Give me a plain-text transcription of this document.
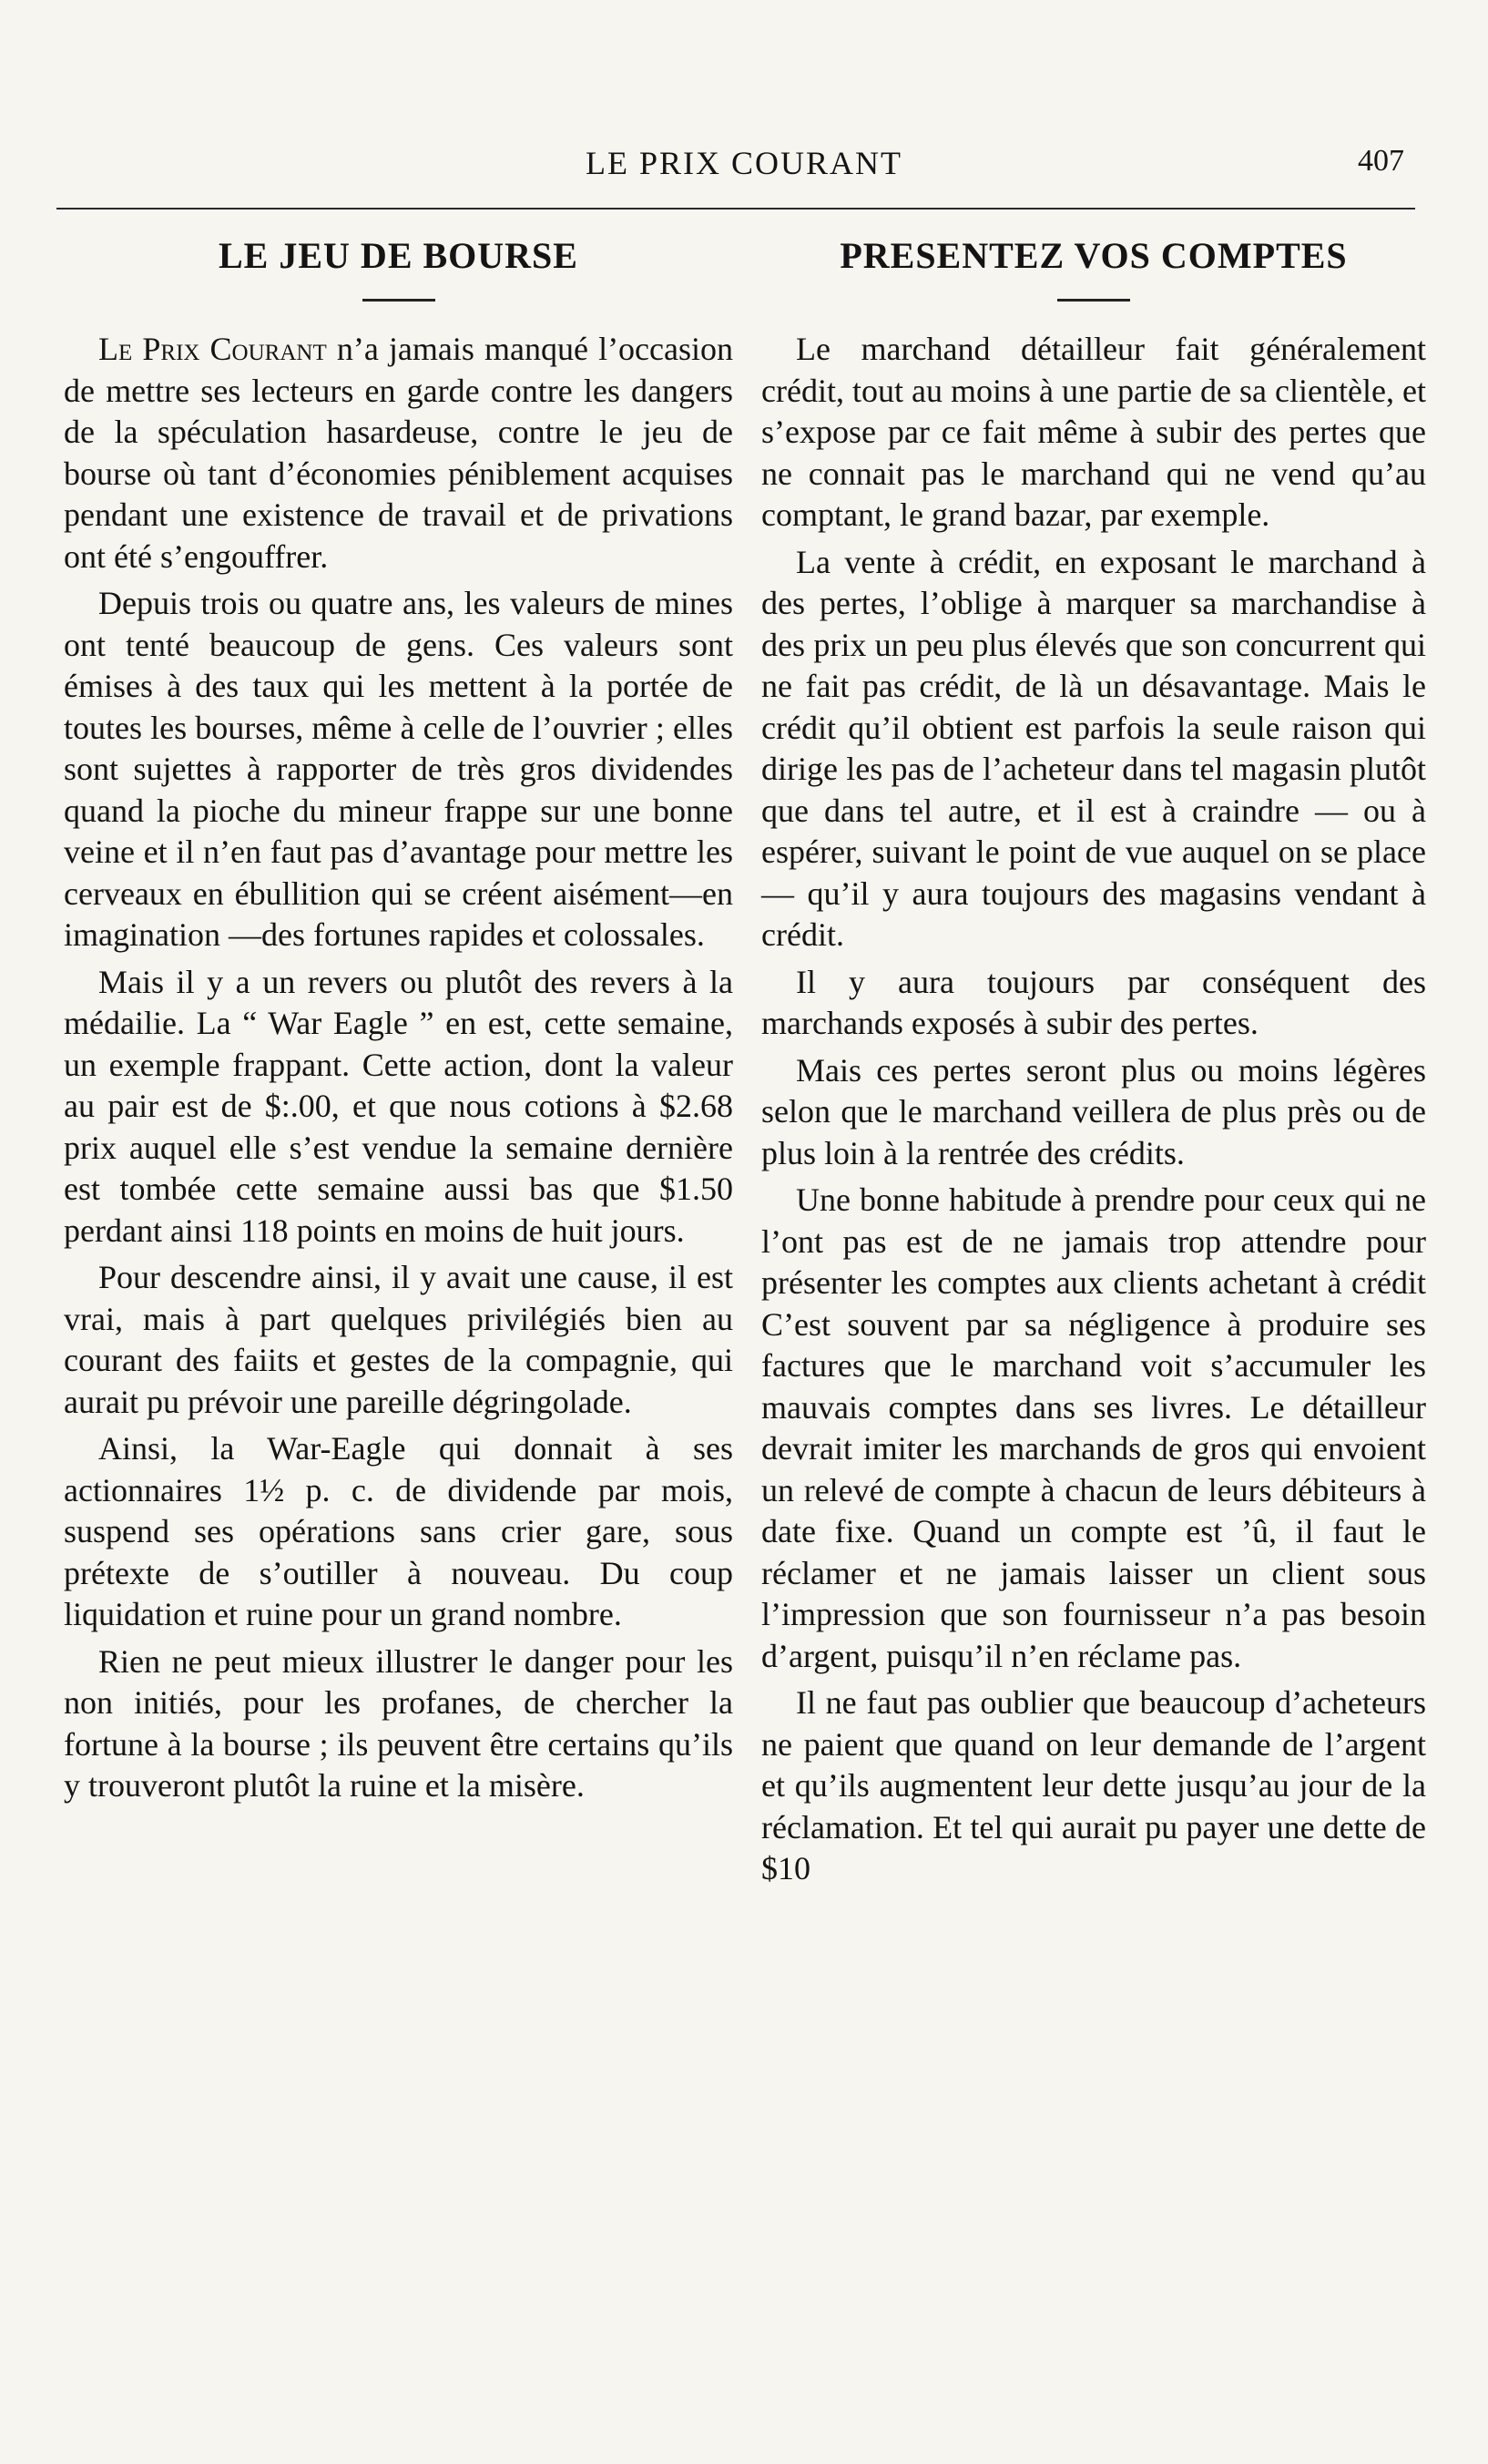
LE PRIX COURANT	407
LE JEU DE BOURSE

Le Prix Courant n’a jamais manqué l’occasion de mettre ses lecteurs en garde contre les dangers de la spéculation hasardeuse, contre le jeu de bourse où tant d’économies péniblement acquises pendant une existence de travail et de privations ont été s’engouffrer.

Depuis trois ou quatre ans, les valeurs de mines ont tenté beaucoup de gens. Ces valeurs sont émises à des taux qui les mettent à la portée de toutes les bourses, même à celle de l’ouvrier ; elles sont sujettes à rapporter de très gros dividendes quand la pioche du mineur frappe sur une bonne veine et il n’en faut pas d’avantage pour mettre les cerveaux en ébullition qui se créent aisément—en imagination —des fortunes rapides et colossales.

Mais il y a un revers ou plutôt des revers à la médailie. La “ War Eagle ” en est, cette semaine, un exemple frappant. Cette action, dont la valeur au pair est de $:.00, et que nous cotions à $2.68 prix auquel elle s’est vendue la semaine dernière est tombée cette semaine aussi bas que $1.50 perdant ainsi 118 points en moins de huit jours.

Pour descendre ainsi, il y avait une cause, il est vrai, mais à part quelques privilégiés bien au courant des faiits et gestes de la compagnie, qui aurait pu prévoir une pareille dégringolade.

Ainsi, la War-Eagle qui donnait à ses actionnaires 1½ p. c. de dividende par mois, suspend ses opérations sans crier gare, sous prétexte de s’outiller à nouveau. Du coup liquidation et ruine pour un grand nombre.

Rien ne peut mieux illustrer le danger pour les non initiés, pour les profanes, de chercher la fortune à la bourse ; ils peuvent être certains qu’ils y trouveront plutôt la ruine et la misère.

PRESENTEZ VOS COMPTES

Le marchand détailleur fait généralement crédit, tout au moins à une partie de sa clientèle, et s’expose par ce fait même à subir des pertes que ne connait pas le marchand qui ne vend qu’au comptant, le grand bazar, par exemple.

La vente à crédit, en exposant le marchand à des pertes, l’oblige à marquer sa marchandise à des prix un peu plus élevés que son concurrent qui ne fait pas crédit, de là un désavantage. Mais le crédit qu’il obtient est parfois la seule raison qui dirige les pas de l’acheteur dans tel magasin plutôt que dans tel autre, et il est à craindre — ou à espérer, suivant le point de vue auquel on se place — qu’il y aura toujours des magasins vendant à crédit.

Il y aura toujours par conséquent des marchands exposés à subir des pertes.

Mais ces pertes seront plus ou moins légères selon que le marchand veillera de plus près ou de plus loin à la rentrée des crédits.

Une bonne habitude à prendre pour ceux qui ne l’ont pas est de ne jamais trop attendre pour présenter les comptes aux clients achetant à crédit C’est souvent par sa négligence à produire ses factures que le marchand voit s’accumuler les mauvais comptes dans ses livres. Le détailleur devrait imiter les marchands de gros qui envoient un relevé de compte à chacun de leurs débiteurs à date fixe. Quand un compte est ’û, il faut le réclamer et ne jamais laisser un client sous l’impression que son fournisseur n’a pas besoin d’argent, puisqu’il n’en réclame pas.

Il ne faut pas oublier que beaucoup d’acheteurs ne paient que quand on leur demande de l’argent et qu’ils augmentent leur dette jusqu’au jour de la réclamation. Et tel qui aurait pu payer une dette de $10
